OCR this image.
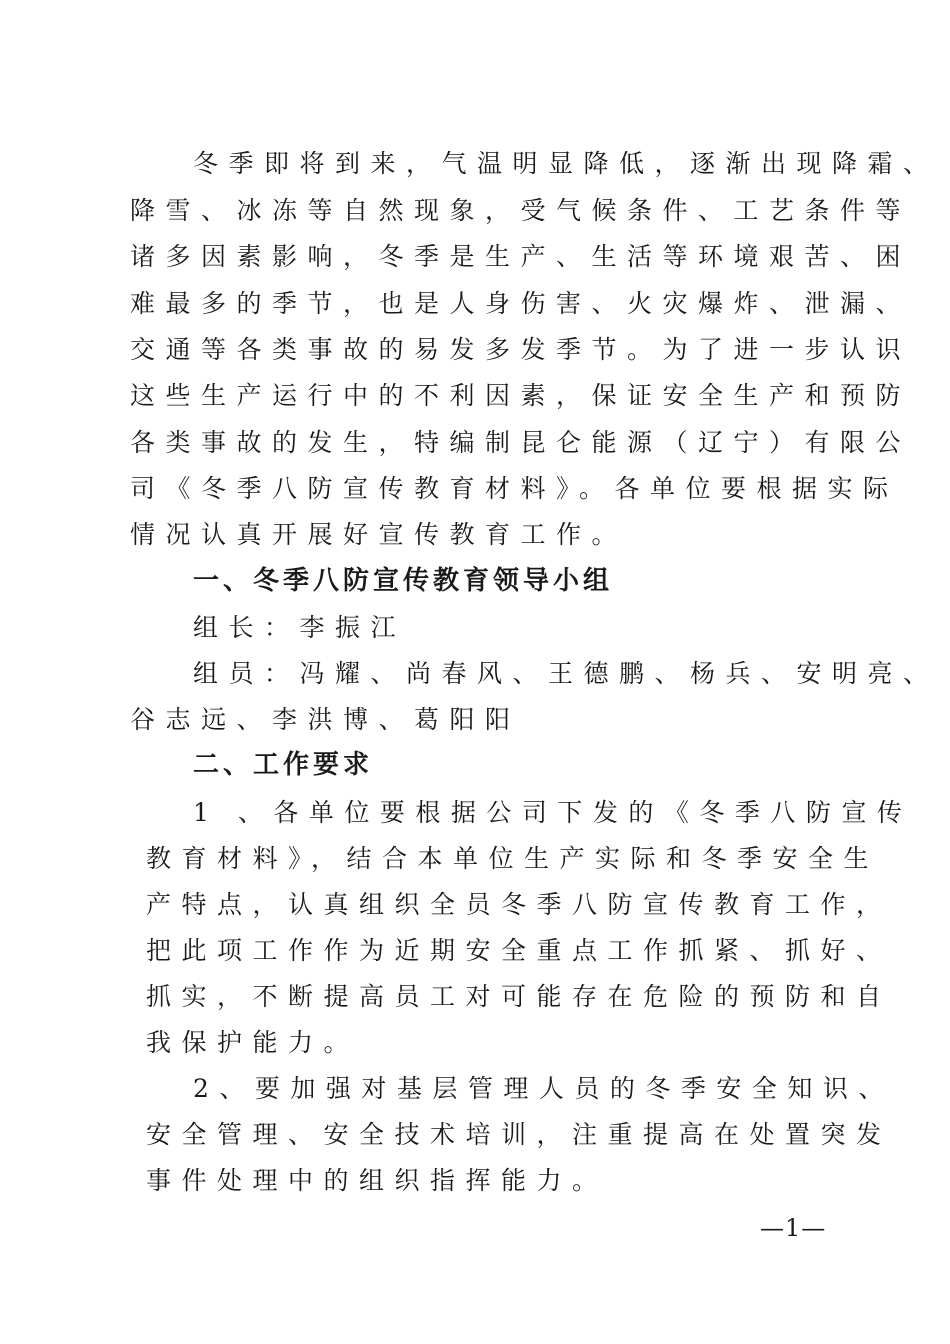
冬季即将到来，气温明显降低，逐渐出现降霜、

降雪、冰冻等自然现象，受气候条件、工艺条件等

诸多因素影响，冬季是生产、生活等环境艰苦、困

难最多的季节，也是人身伤害、火灾爆炸、泄漏、

交通等各类事故的易发多发季节。为了进一步认识

这些生产运行中的不利因素，保证安全生产和预防

各类事故的发生，特编制昆仑能源（辽宁）有限公

司《冬季八防宣传教育材料》。各单位要根据实际

情况认真开展好宣传教育工作。

一、冬季八防宣传教育领导小组

组长：李振江

组员：冯耀、尚春风、王德鹏、杨兵、安明亮、

谷志远、李洪博、葛阳阳

二、工作要求

1 、各单位要根据公司下发的《冬季八防宣传

教育材料》，结合本单位生产实际和冬季安全生

产特点，认真组织全员冬季八防宣传教育工作，

把此项工作作为近期安全重点工作抓紧、抓好、

抓实，不断提高员工对可能存在危险的预防和自

我保护能力。

2、要加强对基层管理人员的冬季安全知识、

安全管理、安全技术培训，注重提高在处置突发

事件处理中的组织指挥能力。

—1—
